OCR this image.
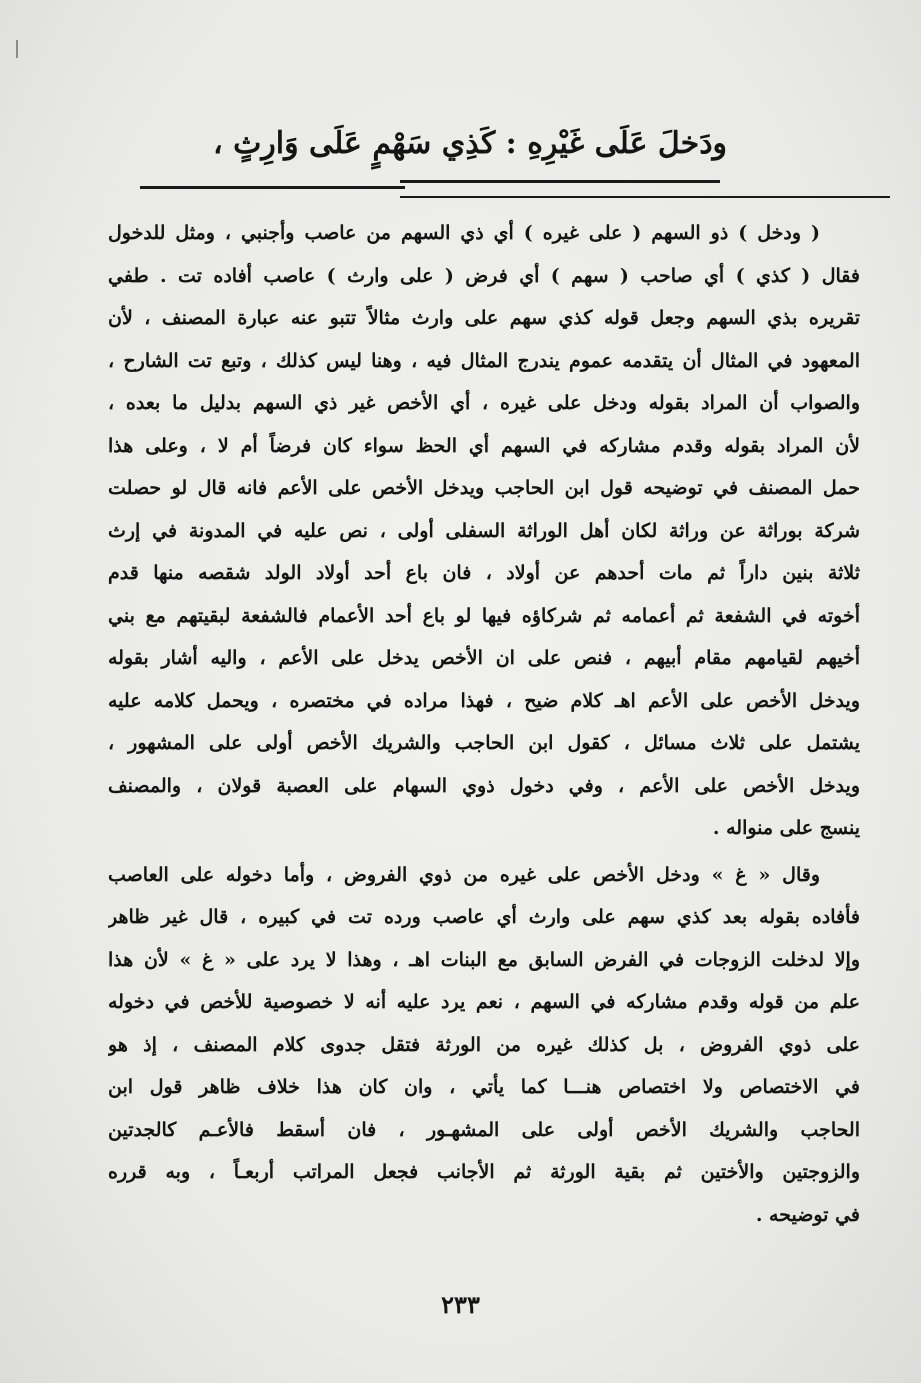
ودَخلَ عَلَى غَيْرِهِ : كَذِي سَهْمٍ عَلَى وَارِثٍ ،
( ودخل ) ذو السهم ( على غيره ) أي ذي السهم من عاصب وأجنبي ، ومثل للدخول
فقال ( كذي ) أي صاحب ( سهم ) أي فرض ( على وارث ) عاصب أفاده تت . طفي
تقريره بذي السهم وجعل قوله كذي سهم على وارث مثالاً تتبو عنه عبارة المصنف ، لأن
المعهود في المثال أن يتقدمه عموم يندرج المثال فيه ، وهنا ليس كذلك ، وتبع تت الشارح ،
والصواب أن المراد بقوله ودخل على غيره ، أي الأخص غير ذي السهم بدليل ما بعده ،
لأن المراد بقوله وقدم مشاركه في السهم أي الحظ سواء كان فرضاً أم لا ، وعلى هذا
حمل المصنف في توضيحه قول ابن الحاجب ويدخل الأخص على الأعم فانه قال لو حصلت
شركة بوراثة عن وراثة لكان أهل الوراثة السفلى أولى ، نص عليه في المدونة في إرث
ثلاثة بنين داراً ثم مات أحدهم عن أولاد ، فان باع أحد أولاد الولد شقصه منها قدم
أخوته في الشفعة ثم أعمامه ثم شركاؤه فيها لو باع أحد الأعمام فالشفعة لبقيتهم مع بني
أخيهم لقيامهم مقام أبيهم ، فنص على ان الأخص يدخل على الأعم ، واليه أشار بقوله
ويدخل الأخص على الأعم اهـ كلام ضيح ، فهذا مراده في مختصره ، ويحمل كلامه عليه
يشتمل على ثلاث مسائل ، كقول ابن الحاجب والشريك الأخص أولى على المشهور ،
ويدخل الأخص على الأعم ، وفي دخول ذوي السهام على العصبة قولان ، والمصنف
ينسج على منواله .
وقال « غ » ودخل الأخص على غيره من ذوي الفروض ، وأما دخوله على العاصب
فأفاده بقوله بعد كذي سهم على وارث أي عاصب ورده تت في كبيره ، قال غير ظاهر
وإلا لدخلت الزوجات في الفرض السابق مع البنات اهـ ، وهذا لا يرد على « غ » لأن هذا
علم من قوله وقدم مشاركه في السهم ، نعم يرد عليه أنه لا خصوصية للأخص في دخوله
على ذوي الفروض ، بل كذلك غيره من الورثة فتقل جدوى كلام المصنف ، إذ هو
في الاختصاص ولا اختصاص هنـــا كما يأتي ، وان كان هذا خلاف ظاهر قول ابن
الحاجب والشريك الأخص أولى على المشهـور ، فان أسقط فالأعـم كالجدتين
والزوجتين والأختين ثم بقية الورثة ثم الأجانب فجعل المراتب أربعـاً ، وبه قرره
في توضيحه .
٢٣٣
